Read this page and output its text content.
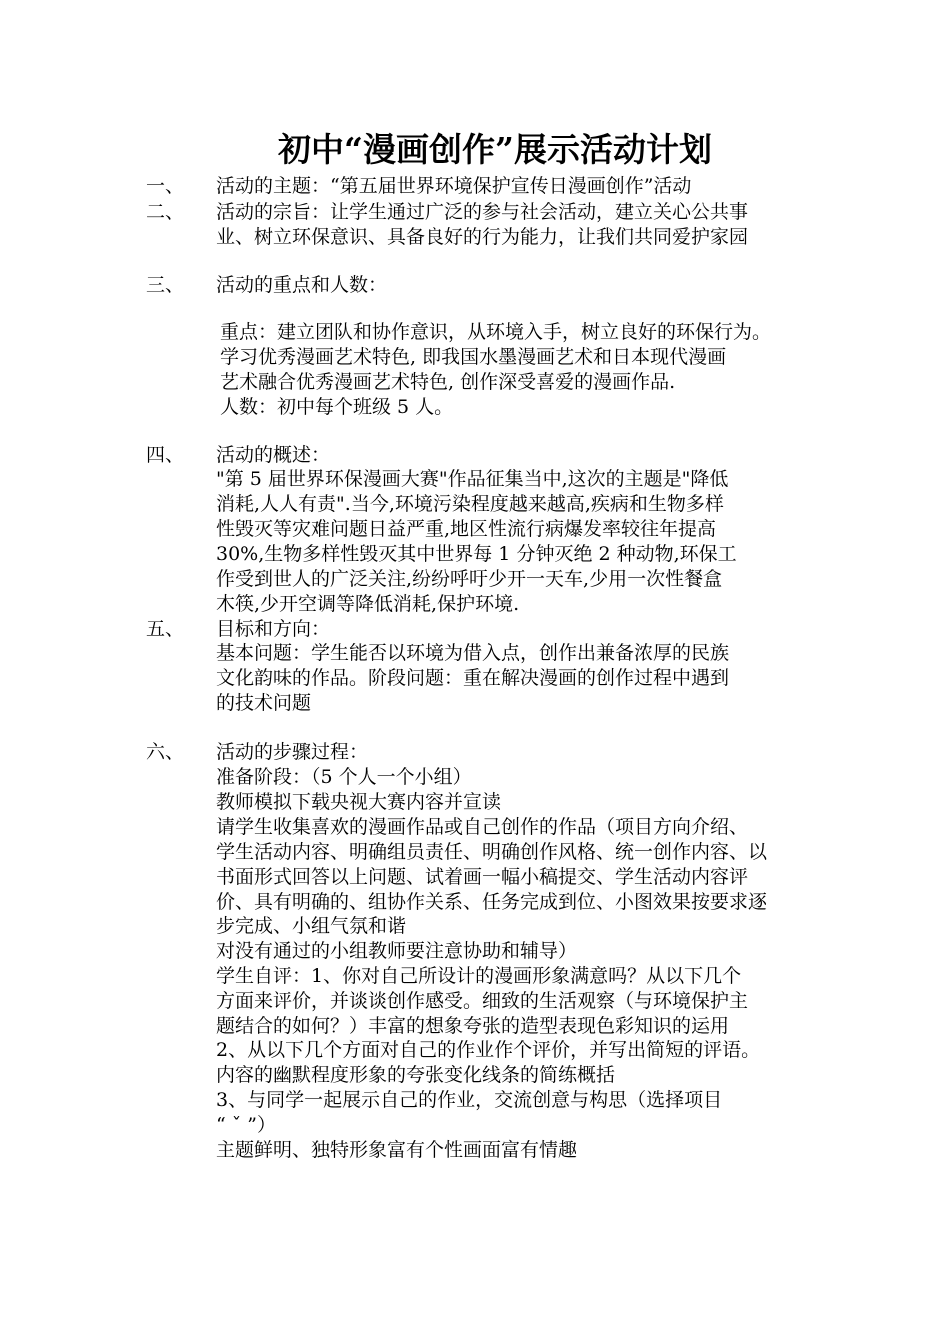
初中“漫画创作”展示活动计划
一、 活动的主题：“第五届世界环境保护宣传日漫画创作”活动
二、 活动的宗旨：让学生通过广泛的参与社会活动，建立关心公共事
业、树立环保意识、具备良好的行为能力，让我们共同爱护家园
三、 活动的重点和人数：
重点：建立团队和协作意识，从环境入手，树立良好的环保行为。
学习优秀漫画艺术特色, 即我国水墨漫画艺术和日本现代漫画
艺术融合优秀漫画艺术特色, 创作深受喜爱的漫画作品.
人数：初中每个班级 5 人。
四、 活动的概述：
"第 5 届世界环保漫画大赛"作品征集当中,这次的主题是"降低
消耗,人人有责".当今,环境污染程度越来越高,疾病和生物多样
性毁灭等灾难问题日益严重,地区性流行病爆发率较往年提高
30%,生物多样性毁灭其中世界每 1 分钟灭绝 2 种动物,环保工
作受到世人的广泛关注,纷纷呼吁少开一天车,少用一次性餐盒
木筷,少开空调等降低消耗,保护环境.
五、 目标和方向：
基本问题：学生能否以环境为借入点，创作出兼备浓厚的民族
文化韵味的作品。阶段问题：重在解决漫画的创作过程中遇到
的技术问题
六、 活动的步骤过程：
准备阶段：（5 个人一个小组）
教师模拟下载央视大赛内容并宣读
请学生收集喜欢的漫画作品或自己创作的作品（项目方向介绍、
学生活动内容、明确组员责任、明确创作风格、统一创作内容、以
书面形式回答以上问题、试着画一幅小稿提交、学生活动内容评
价、具有明确的、组协作关系、任务完成到位、小图效果按要求逐
步完成、小组气氛和谐
对没有通过的小组教师要注意协助和辅导）
学生自评：1、你对自己所设计的漫画形象满意吗？从以下几个
方面来评价，并谈谈创作感受。细致的生活观察（与环境保护主
题结合的如何？）丰富的想象夸张的造型表现色彩知识的运用
2、从以下几个方面对自己的作业作个评价，并写出简短的评语。
内容的幽默程度形象的夸张变化线条的简练概括
3、与同学一起展示自己的作业，交流创意与构思（选择项目
“ ˇ ”）
主题鲜明、独特形象富有个性画面富有情趣
